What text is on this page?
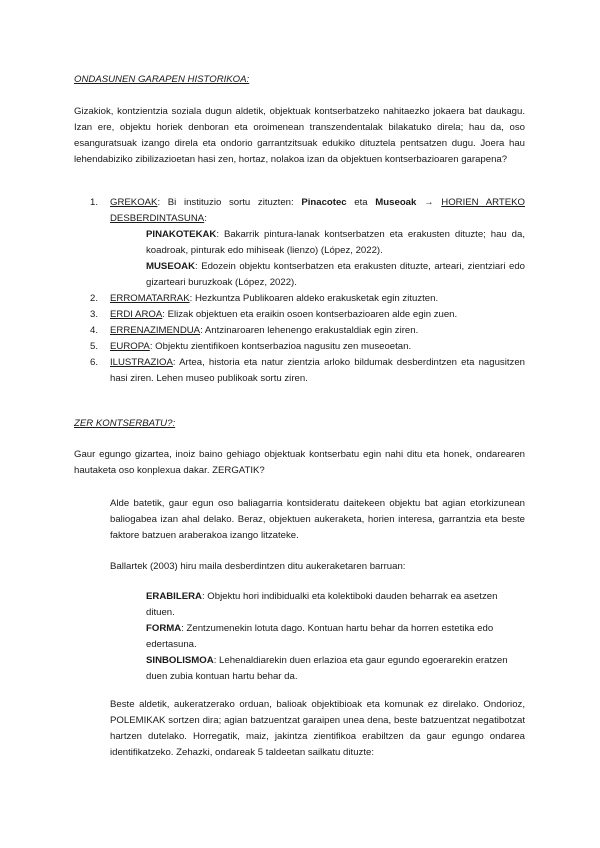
ONDASUNEN GARAPEN HISTORIKOA:

Gizakiok, kontzientzia soziala dugun aldetik, objektuak kontserbatzeko nahitaezko jokaera bat daukagu. Izan ere, objektu horiek denboran eta oroimenean transzendentalak bilakatuko direla; hau da, oso esanguratsuak izango direla eta ondorio garrantzitsuak edukiko dituztela pentsatzen dugu. Joera hau lehendabiziko zibilizazioetan hasi zen, hortaz, nolakoa izan da objektuen kontserbazioaren garapena?

1. GREKOAK: Bi instituzio sortu zituzten: Pinacotec eta Museoak → HORIEN ARTEKO DESBERDINTASUNA:

PINAKOTEKAK: Bakarrik pintura-lanak kontserbatzen eta erakusten dituzte; hau da, koadroak, pinturak edo mihiseak (lienzo) (López, 2022).

MUSEOAK: Edozein objektu kontserbatzen eta erakusten dituzte, arteari, zientziari edo gizarteari buruzkoak (López, 2022).

2. ERROMATARRAK: Hezkuntza Publikoaren aldeko erakusketak egin zituzten.
3. ERDI AROA: Elizak objektuen eta eraikin osoen kontserbazioaren alde egin zuen.
4. ERRENAZIMENDUA: Antzinaroaren lehenengo erakustaldiak egin ziren.
5. EUROPA: Objektu zientifikoen kontserbazioa nagusitu zen museoetan.
6. ILUSTRAZIOA: Artea, historia eta natur zientzia arloko bildumak desberdintzen eta nagusitzen hasi ziren. Lehen museo publikoak sortu ziren.

ZER KONTSERBATU?:

Gaur egungo gizartea, inoiz baino gehiago objektuak kontserbatu egin nahi ditu eta honek, ondarearen hautaketa oso konplexua dakar. ZERGATIK?

Alde batetik, gaur egun oso baliagarria kontsideratu daitekeen objektu bat agian etorkizunean baliogabea izan ahal delako. Beraz, objektuen aukeraketa, horien interesa, garrantzia eta beste faktore batzuen araberakoa izango litzateke.

Ballartek (2003) hiru maila desberdintzen ditu aukeraketaren barruan:

ERABILERA: Objektu hori indibidualki eta kolektiboki dauden beharrak ea asetzen dituen.

FORMA: Zentzumenekin lotuta dago. Kontuan hartu behar da horren estetika edo edertasuna.

SINBOLISMOA: Lehenaldiarekin duen erlazioa eta gaur egundo egoerarekin eratzen duen zubia kontuan hartu behar da.

Beste aldetik, aukeratzerako orduan, balioak objektibioak eta komunak ez direlako. Ondorioz, POLEMIKAK sortzen dira; agian batzuentzat garaipen unea dena, beste batzuentzat negatibotzat hartzen dutelako. Horregatik, maiz, jakintza zientifikoa erabiltzen da gaur egungo ondarea identifikatzeko. Zehazki, ondareak 5 taldeetan sailkatu dituzte:
